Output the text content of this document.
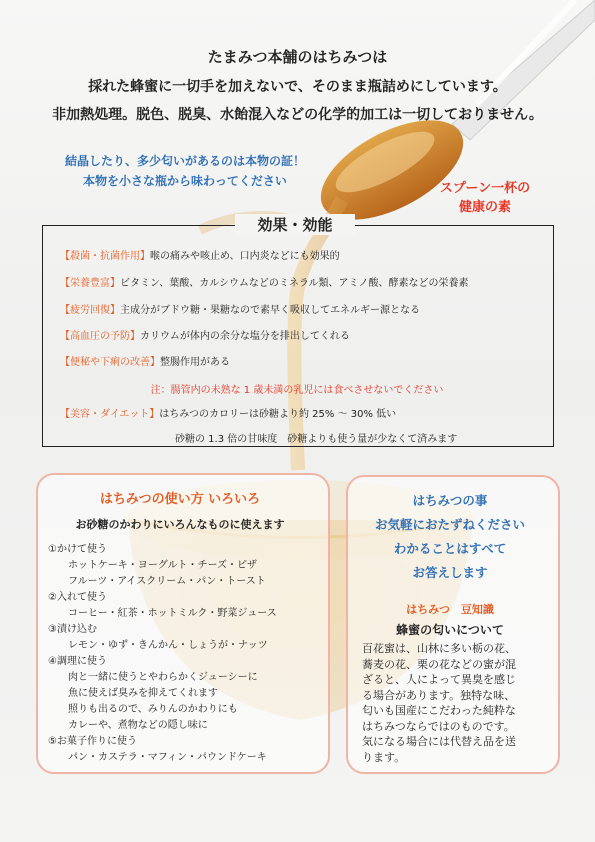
たまみつ本舗のはちみつは
採れた蜂蜜に一切手を加えないで、そのまま瓶詰めにしています。
非加熱処理。脱色、脱臭、水飴混入などの化学的加工は一切しておりません。
結晶したり、多少匂いがあるのは本物の証！
本物を小さな瓶から味わってください	スプーン一杯の
健康の素
効果・効能
【殺菌・抗菌作用】喉の痛みや咳止め、口内炎などにも効果的
【栄養豊富】ビタミン、葉酸、カルシウムなどのミネラル類、アミノ酸、酵素などの栄養素
【疲労回復】主成分がブドウ糖・果糖なので素早く吸収してエネルギー源となる
【高血圧の予防】カリウムが体内の余分な塩分を排出してくれる
【便秘や下痢の改善】整腸作用がある
注：腸管内の未熟な 1 歳未満の乳児には食べさせないでください
【美容・ダイエット】はちみつのカロリーは砂糖より約 25% ～ 30% 低い
砂糖の 1.3 倍の甘味度　砂糖よりも使う量が少なくて済みます
はちみつの使い方 いろいろ
お砂糖のかわりにいろんなものに使えます
①かけて使う
ホットケーキ・ヨーグルト・チーズ・ピザ
フルーツ・アイスクリーム・パン・トースト
②入れて使う
コーヒー・紅茶・ホットミルク・野菜ジュース
③漬け込む
レモン・ゆず・きんかん・しょうが・ナッツ
④調理に使う
肉と一緒に使うとやわらかくジューシーに
魚に使えば臭みを抑えてくれます
照りも出るので、みりんのかわりにも
カレーや、煮物などの隠し味に
⑤お菓子作りに使う
パン・カステラ・マフィン・パウンドケーキ
はちみつの事
お気軽におたずねください
わかることはすべて
お答えします
はちみつ　豆知識
蜂蜜の匂いについて
百花蜜は、山林に多い栃の花、
蕎麦の花、栗の花などの蜜が混
ざると、人によって異臭を感じ
る場合があります。独特な味、
匂いも国産にこだわった純粋な
はちみつならではのものです。
気になる場合には代替え品を送
ります。
